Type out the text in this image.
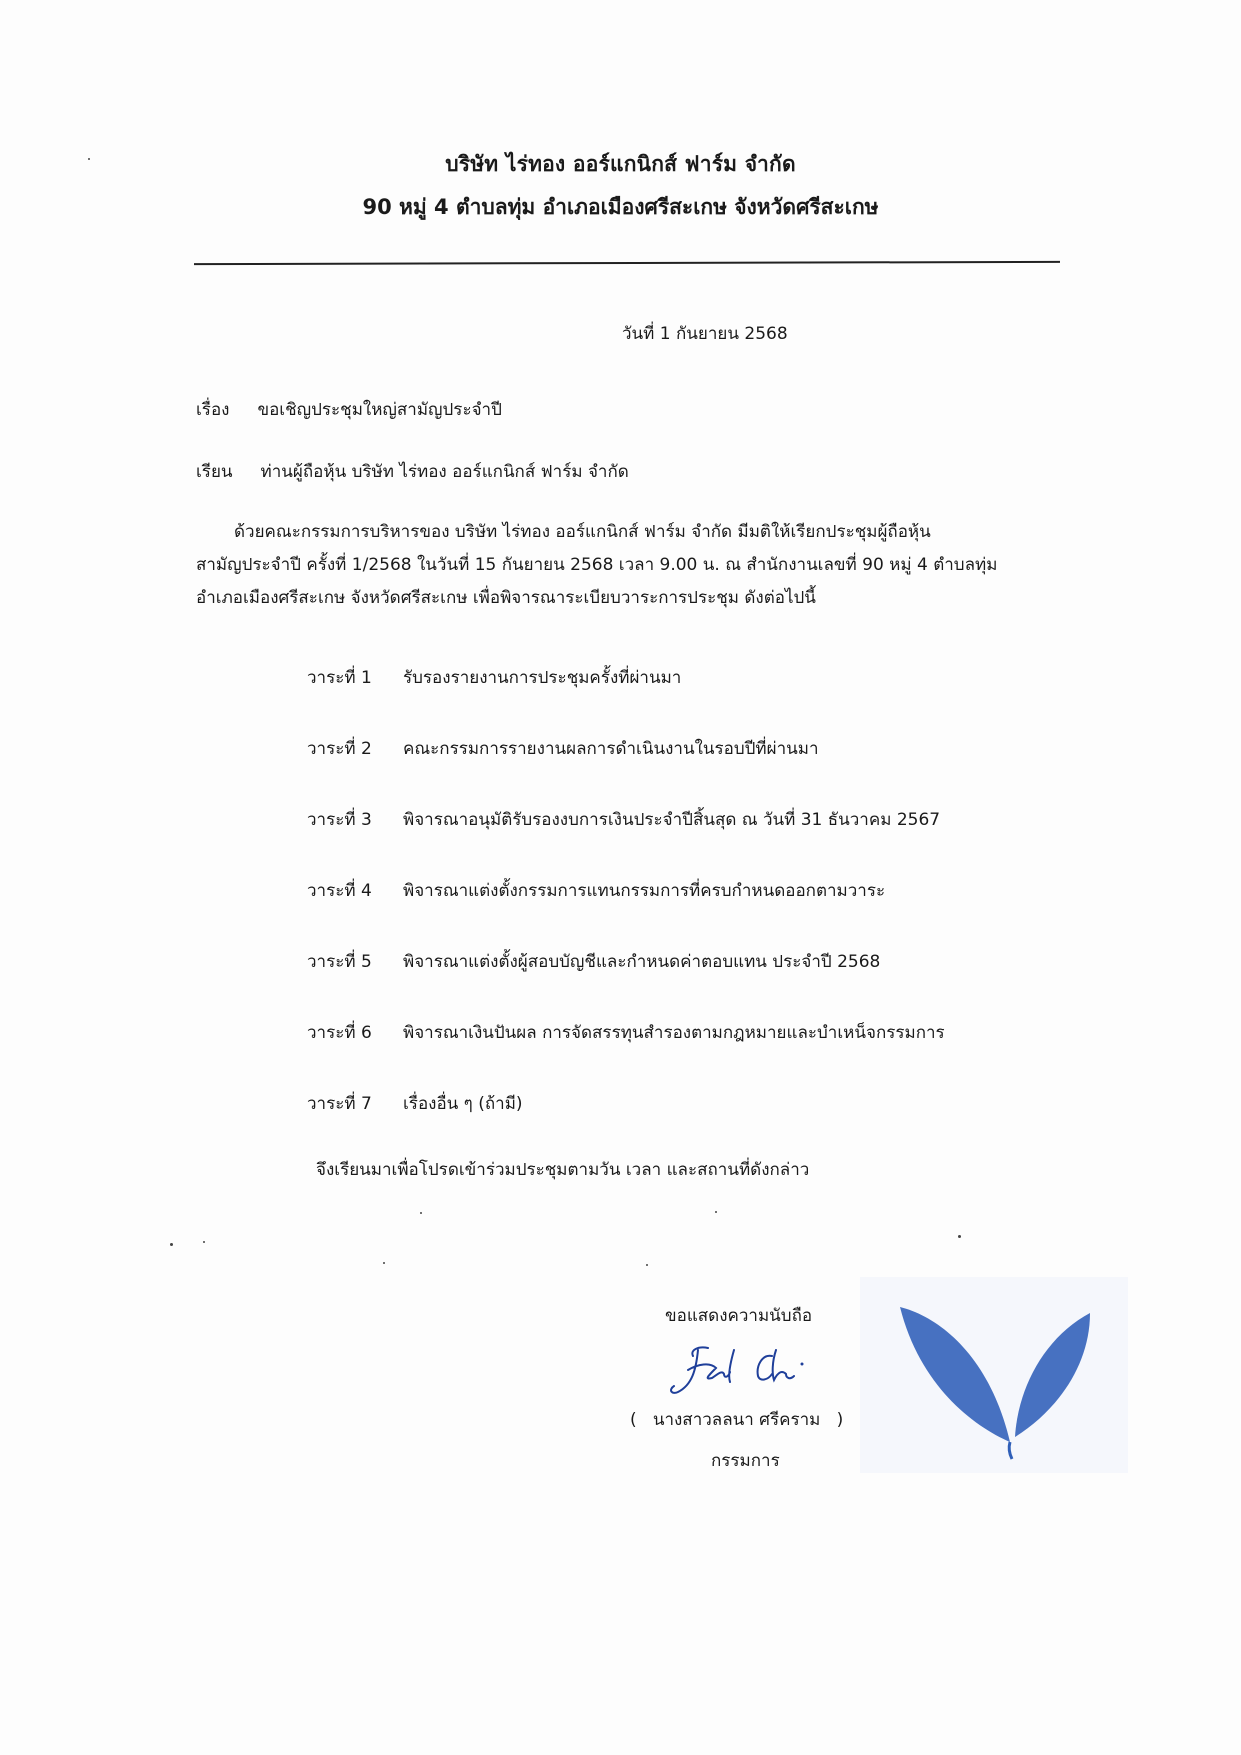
บริษัท ไร่ทอง ออร์แกนิกส์ ฟาร์ม จำกัด
90 หมู่ 4 ตำบลทุ่ม อำเภอเมืองศรีสะเกษ จังหวัดศรีสะเกษ
วันที่ 1 กันยายน 2568
เรื่อง ขอเชิญประชุมใหญ่สามัญประจำปี
เรียน ท่านผู้ถือหุ้น บริษัท ไร่ทอง ออร์แกนิกส์ ฟาร์ม จำกัด
ด้วยคณะกรรมการบริหารของ บริษัท ไร่ทอง ออร์แกนิกส์ ฟาร์ม จำกัด มีมติให้เรียกประชุมผู้ถือหุ้น
สามัญประจำปี ครั้งที่ 1/2568 ในวันที่ 15 กันยายน 2568 เวลา 9.00 น. ณ สำนักงานเลขที่ 90 หมู่ 4 ตำบลทุ่ม
อำเภอเมืองศรีสะเกษ จังหวัดศรีสะเกษ เพื่อพิจารณาระเบียบวาระการประชุม ดังต่อไปนี้
วาระที่ 1	รับรองรายงานการประชุมครั้งที่ผ่านมา
วาระที่ 2	คณะกรรมการรายงานผลการดำเนินงานในรอบปีที่ผ่านมา
วาระที่ 3	พิจารณาอนุมัติรับรองงบการเงินประจำปีสิ้นสุด ณ วันที่ 31 ธันวาคม 2567
วาระที่ 4	พิจารณาแต่งตั้งกรรมการแทนกรรมการที่ครบกำหนดออกตามวาระ
วาระที่ 5	พิจารณาแต่งตั้งผู้สอบบัญชีและกำหนดค่าตอบแทน ประจำปี 2568
วาระที่ 6	พิจารณาเงินปันผล การจัดสรรทุนสำรองตามกฎหมายและบำเหน็จกรรมการ
วาระที่ 7	เรื่องอื่น ๆ (ถ้ามี)
จึงเรียนมาเพื่อโปรดเข้าร่วมประชุมตามวัน เวลา และสถานที่ดังกล่าว
ขอแสดงความนับถือ
(   นางสาวลลนา ศรีคราม   )
กรรมการ
